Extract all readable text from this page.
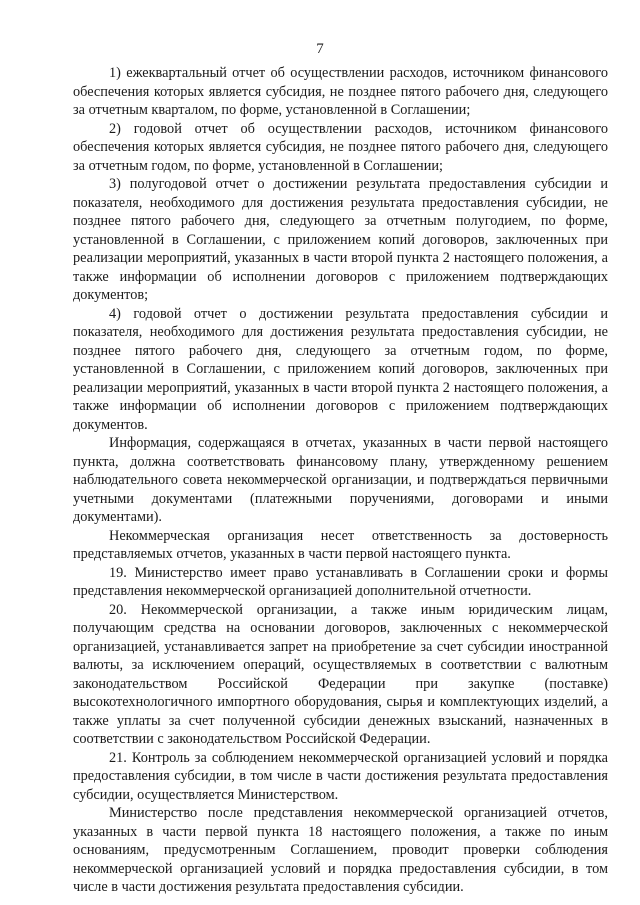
7

1) ежеквартальный отчет об осуществлении расходов, источником финансового обеспечения которых является субсидия, не позднее пятого рабочего дня, следующего за отчетным кварталом, по форме, установленной в Соглашении;

2) годовой отчет об осуществлении расходов, источником финансового обеспечения которых является субсидия, не позднее пятого рабочего дня, следующего за отчетным годом, по форме, установленной в Соглашении;

3) полугодовой отчет о достижении результата предоставления субсидии и показателя, необходимого для достижения результата предоставления субсидии, не позднее пятого рабочего дня, следующего за отчетным полугодием, по форме, установленной в Соглашении, с приложением копий договоров, заключенных при реализации мероприятий, указанных в части второй пункта 2 настоящего положения, а также информации об исполнении договоров с приложением подтверждающих документов;

4) годовой отчет о достижении результата предоставления субсидии и показателя, необходимого для достижения результата предоставления субсидии, не позднее пятого рабочего дня, следующего за отчетным годом, по форме, установленной в Соглашении, с приложением копий договоров, заключенных при реализации мероприятий, указанных в части второй пункта 2 настоящего положения, а также информации об исполнении договоров с приложением подтверждающих документов.

Информация, содержащаяся в отчетах, указанных в части первой настоящего пункта, должна соответствовать финансовому плану, утвержденному решением наблюдательного совета некоммерческой организации, и подтверждаться первичными учетными документами (платежными поручениями, договорами и иными документами).

Некоммерческая организация несет ответственность за достоверность представляемых отчетов, указанных в части первой настоящего пункта.

19. Министерство имеет право устанавливать в Соглашении сроки и формы представления некоммерческой организацией дополнительной отчетности.

20. Некоммерческой организации, а также иным юридическим лицам, получающим средства на основании договоров, заключенных с некоммерческой организацией, устанавливается запрет на приобретение за счет субсидии иностранной валюты, за исключением операций, осуществляемых в соответствии с валютным законодательством Российской Федерации при закупке (поставке) высокотехнологичного импортного оборудования, сырья и комплектующих изделий, а также уплаты за счет полученной субсидии денежных взысканий, назначенных в соответствии с законодательством Российской Федерации.

21. Контроль за соблюдением некоммерческой организацией условий и порядка предоставления субсидии, в том числе в части достижения результата предоставления субсидии, осуществляется Министерством.

Министерство после представления некоммерческой организацией отчетов, указанных в части первой пункта 18 настоящего положения, а также по иным основаниям, предусмотренным Соглашением, проводит проверки соблюдения некоммерческой организацией условий и порядка предоставления субсидии, в том числе в части достижения результата предоставления субсидии.
